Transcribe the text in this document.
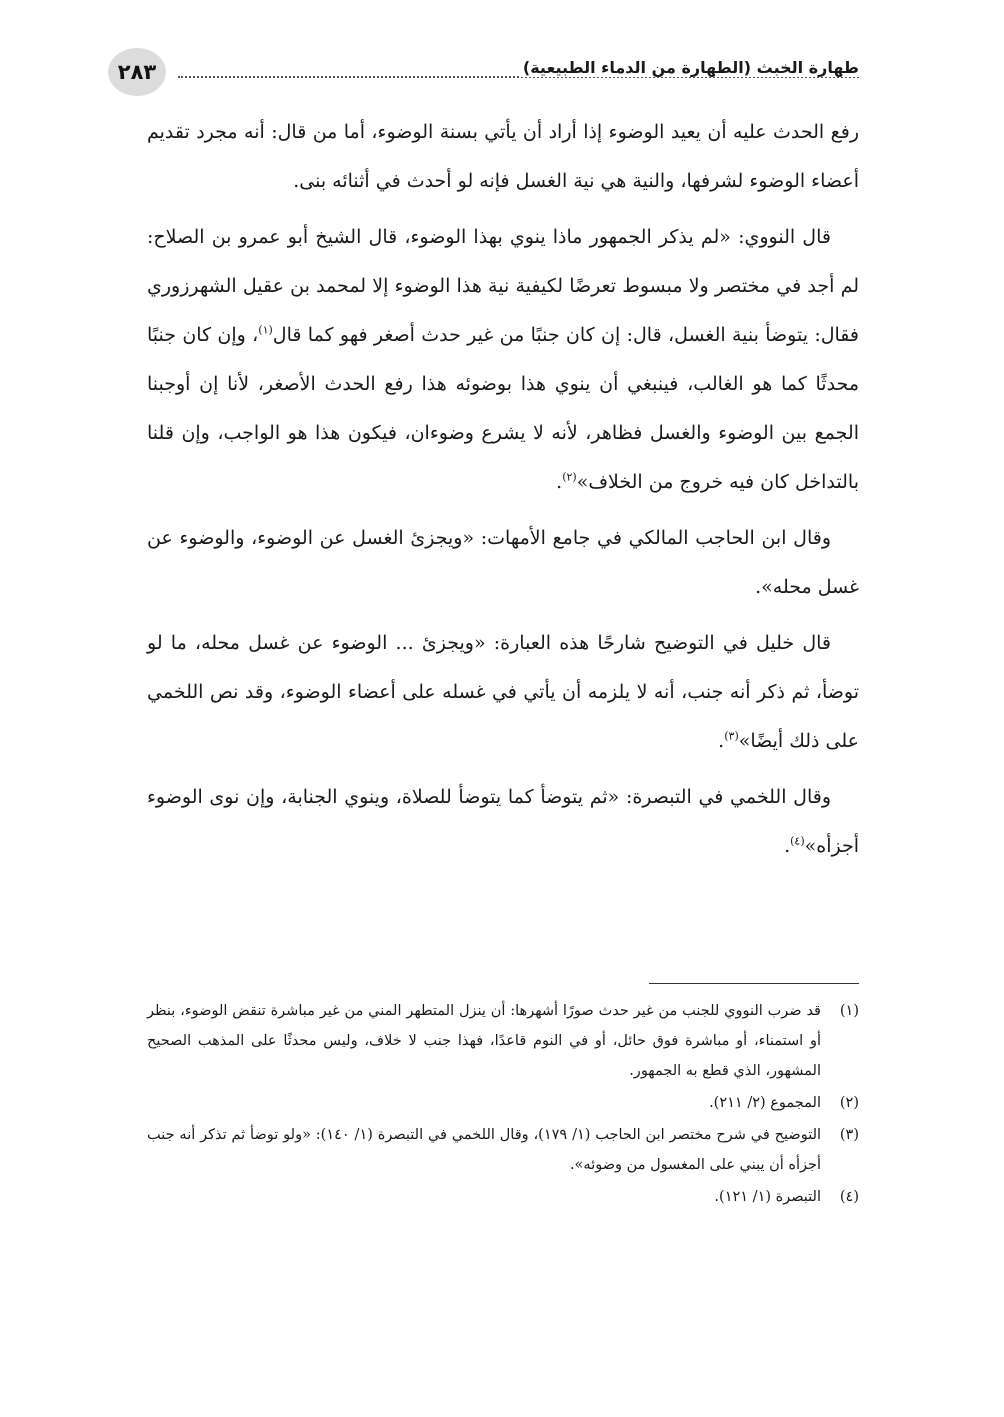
٢٨٣	طهارة الخبث (الطهارة من الدماء الطبيعية)

رفع الحدث عليه أن يعيد الوضوء إذا أراد أن يأتي بسنة الوضوء، أما من قال: أنه مجرد تقديم أعضاء الوضوء لشرفها، والنية هي نية الغسل فإنه لو أحدث في أثنائه بنى.

قال النووي: «لم يذكر الجمهور ماذا ينوي بهذا الوضوء، قال الشيخ أبو عمرو بن الصلاح: لم أجد في مختصر ولا مبسوط تعرضًا لكيفية نية هذا الوضوء إلا لمحمد بن عقيل الشهرزوري فقال: يتوضأ بنية الغسل، قال: إن كان جنبًا من غير حدث أصغر فهو كما قال$^{(١)}$، وإن كان جنبًا محدثًا كما هو الغالب، فينبغي أن ينوي هذا بوضوئه هذا رفع الحدث الأصغر، لأنا إن أوجبنا الجمع بين الوضوء والغسل فظاهر، لأنه لا يشرع وضوءان، فيكون هذا هو الواجب، وإن قلنا بالتداخل كان فيه خروج من الخلاف»$^{(٢)}$.

وقال ابن الحاجب المالكي في جامع الأمهات: «ويجزئ الغسل عن الوضوء، والوضوء عن غسل محله».

قال خليل في التوضيح شارحًا هذه العبارة: «ويجزئ ... الوضوء عن غسل محله، ما لو توضأ، ثم ذكر أنه جنب، أنه لا يلزمه أن يأتي في غسله على أعضاء الوضوء، وقد نص اللخمي على ذلك أيضًا»$^{(٣)}$.

وقال اللخمي في التبصرة: «ثم يتوضأ كما يتوضأ للصلاة، وينوي الجنابة، وإن نوى الوضوء أجزأه»$^{(٤)}$.

(١)
قد ضرب النووي للجنب من غير حدث صورًا أشهرها: أن ينزل المتطهر المني من غير مباشرة تنقض الوضوء، بنظر أو استمناء، أو مباشرة فوق حائل، أو في النوم قاعدًا، فهذا جنب لا خلاف، وليس محدثًا على المذهب الصحيح المشهور، الذي قطع به الجمهور.
(٢)
المجموع (٢/ ٢١١).
(٣)
التوضيح في شرح مختصر ابن الحاجب (١/ ١٧٩)، وقال اللخمي في التبصرة (١/ ١٤٠): «ولو توضأ ثم تذكر أنه جنب أجزأه أن يبني على المغسول من وضوئه».
(٤)
التبصرة (١/ ١٢١).
